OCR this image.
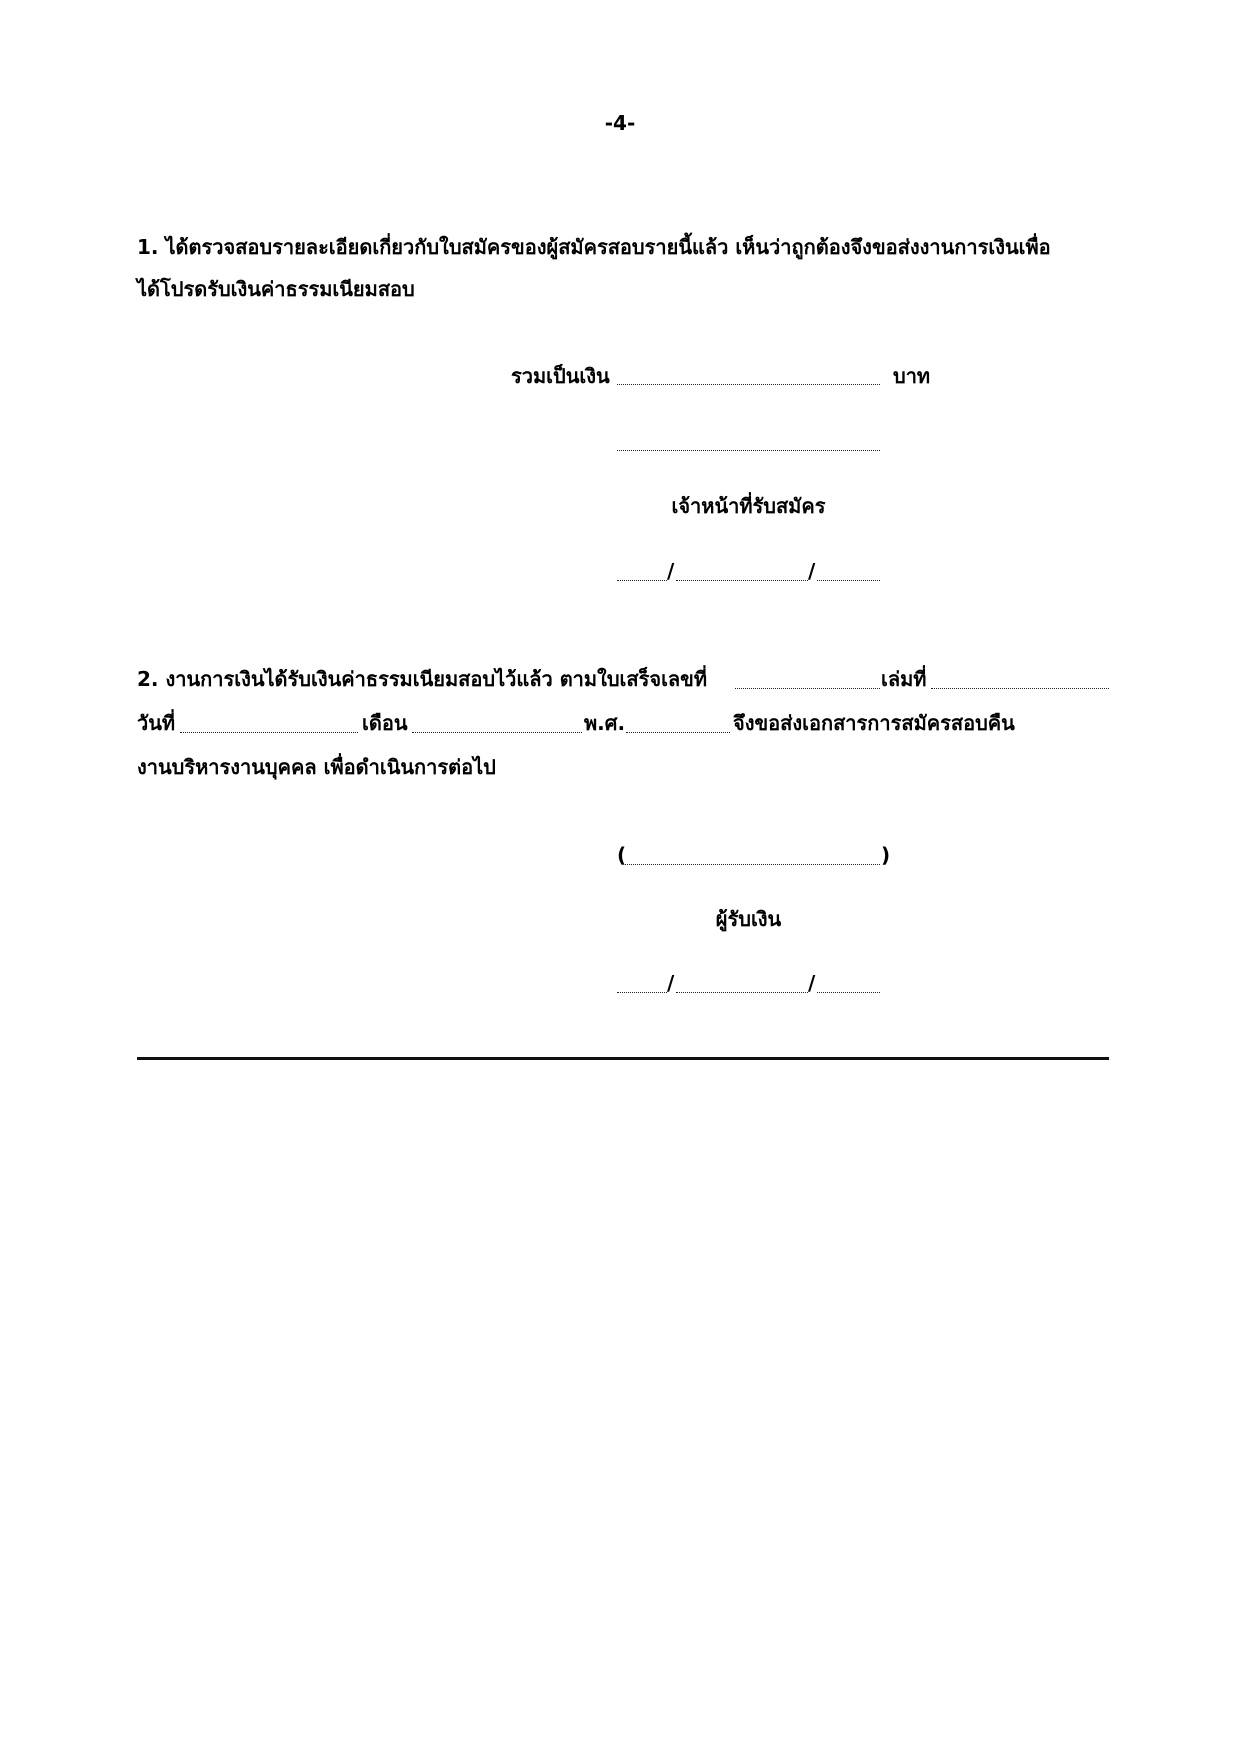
-4-
1. ได้ตรวจสอบรายละเอียดเกี่ยวกับใบสมัครของผู้สมัครสอบรายนี้แล้ว เห็นว่าถูกต้องจึงขอส่งงานการเงินเพื่อ
ได้โปรดรับเงินค่าธรรมเนียมสอบ
รวมเป็นเงิน	บาท
เจ้าหน้าที่รับสมัคร
/	/
2. งานการเงินได้รับเงินค่าธรรมเนียมสอบไว้แล้ว ตามใบเสร็จเลขที่	เล่มที่
วันที่	เดือน	พ.ศ.	จึงขอส่งเอกสารการสมัครสอบคืน
งานบริหารงานบุคคล เพื่อดำเนินการต่อไป
(	)
ผู้รับเงิน
/	/
